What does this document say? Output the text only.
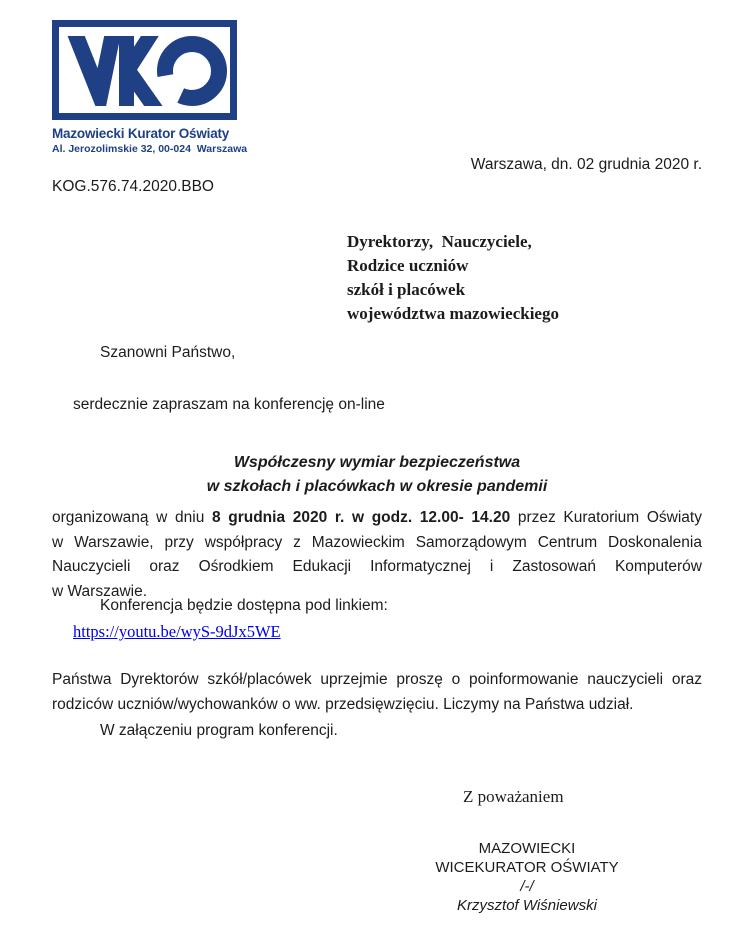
Mazowiecki Kurator Oświaty
Al. Jerozolimskie 32, 00-024  Warszawa
Warszawa, dn. 02 grudnia 2020 r.
KOG.576.74.2020.BBO
Dyrektorzy,  Nauczyciele,
Rodzice uczniów
szkół i placówek
województwa mazowieckiego
Szanowni Państwo,
serdecznie zapraszam na konferencję on-line
Współczesny wymiar bezpieczeństwa
w szkołach i placówkach w okresie pandemii
organizowaną w dniu 8 grudnia 2020 r. w godz. 12.00- 14.20 przez Kuratorium Oświaty
w Warszawie, przy współpracy z Mazowieckim Samorządowym Centrum Doskonalenia
Nauczycieli oraz Ośrodkiem Edukacji Informatycznej i Zastosowań Komputerów
w Warszawie.
Konferencja będzie dostępna pod linkiem:
https://youtu.be/wyS-9dJx5WE
Państwa Dyrektorów szkół/placówek uprzejmie proszę o poinformowanie nauczycieli oraz
rodziców uczniów/wychowanków o ww. przedsięwzięciu. Liczymy na Państwa udział.
W załączeniu program konferencji.
Z poważaniem
MAZOWIECKI
WICEKURATOR OŚWIATY
/-/
Krzysztof Wiśniewski
